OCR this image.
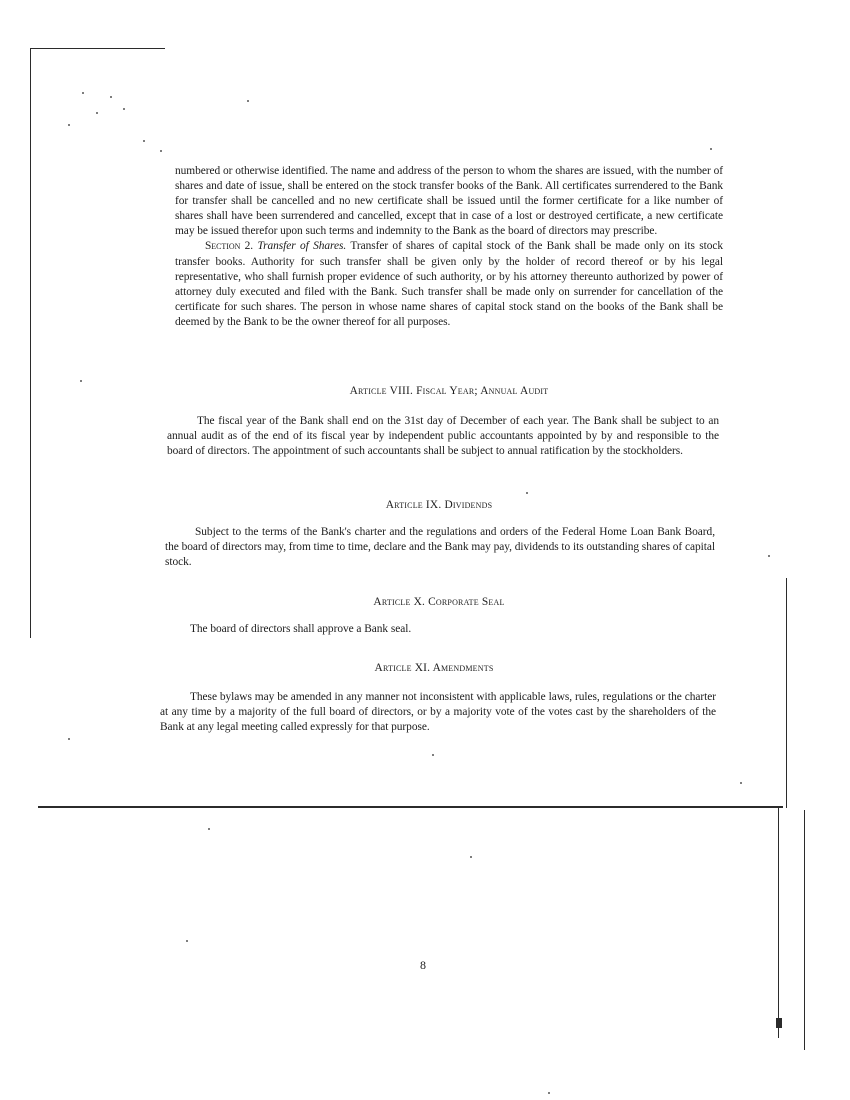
numbered or otherwise identified. The name and address of the person to whom the shares are issued, with the number of shares and date of issue, shall be entered on the stock transfer books of the Bank. All certificates surrendered to the Bank for transfer shall be cancelled and no new certificate shall be issued until the former certificate for a like number of shares shall have been surrendered and cancelled, except that in case of a lost or destroyed certificate, a new certificate may be issued therefor upon such terms and indemnity to the Bank as the board of directors may prescribe.

Section 2. Transfer of Shares. Transfer of shares of capital stock of the Bank shall be made only on its stock transfer books. Authority for such transfer shall be given only by the holder of record thereof or by his legal representative, who shall furnish proper evidence of such authority, or by his attorney thereunto authorized by power of attorney duly executed and filed with the Bank. Such transfer shall be made only on surrender for cancellation of the certificate for such shares. The person in whose name shares of capital stock stand on the books of the Bank shall be deemed by the Bank to be the owner thereof for all purposes.

Article VIII. Fiscal Year; Annual Audit

The fiscal year of the Bank shall end on the 31st day of December of each year. The Bank shall be subject to an annual audit as of the end of its fiscal year by independent public accountants appointed by by and responsible to the board of directors. The appointment of such accountants shall be subject to annual ratification by the stockholders.

Article IX. Dividends

Subject to the terms of the Bank's charter and the regulations and orders of the Federal Home Loan Bank Board, the board of directors may, from time to time, declare and the Bank may pay, dividends to its outstanding shares of capital stock.

Article X. Corporate Seal

The board of directors shall approve a Bank seal.

Article XI. Amendments

These bylaws may be amended in any manner not inconsistent with applicable laws, rules, regulations or the charter at any time by a majority of the full board of directors, or by a majority vote of the votes cast by the shareholders of the Bank at any legal meeting called expressly for that purpose.

8
